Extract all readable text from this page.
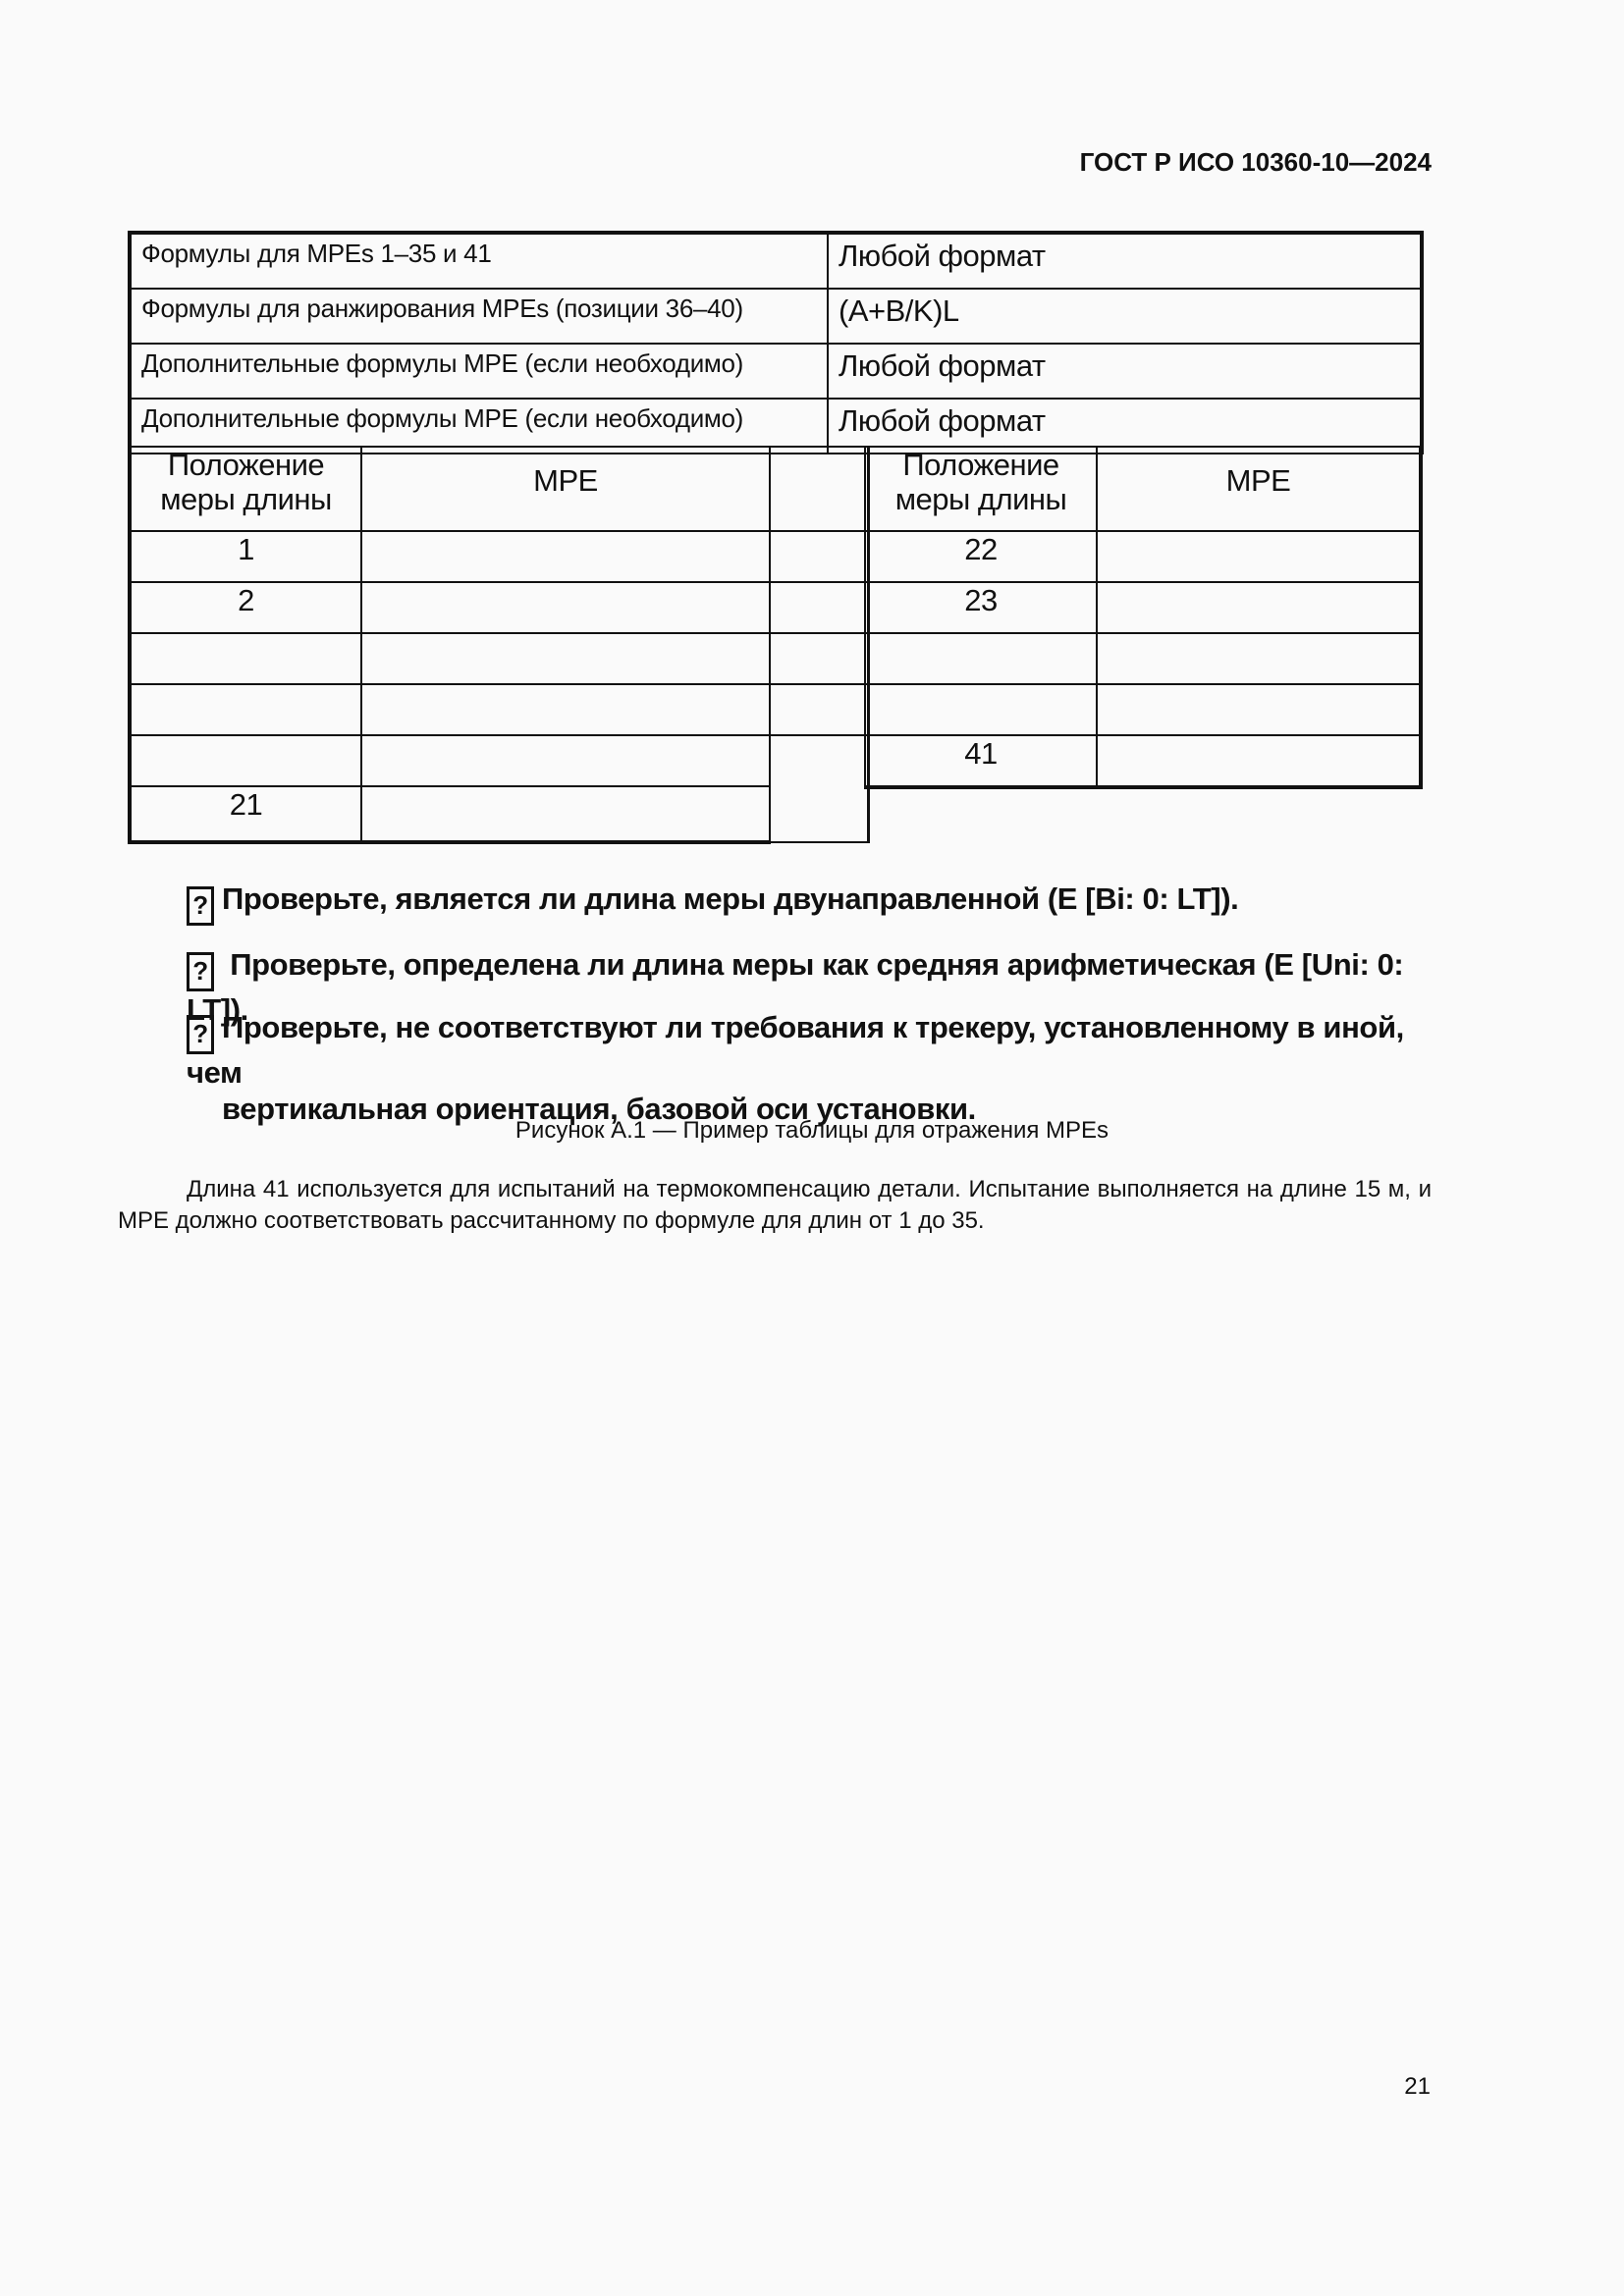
ГОСТ Р ИСО 10360-10—2024
Формулы для MPEs 1–35 и 41	Любой формат
Формулы для ранжирования MPEs (позиции 36–40)	(A+B/K)L
Дополнительные формулы MPE (если необходимо)	Любой формат
Дополнительные формулы MPE (если необходимо)	Любой формат
Положение
меры длины	MPE	
1		
2		

21		
Положение
меры длины	MPE
22	
23	

41	
? Проверьте, является ли длина меры двунаправленной (E [Bi: 0: LT]).
? Проверьте, определена ли длина меры как средняя арифметическая (E [Uni: 0: LT]).
? Проверьте, не соответствуют ли требования к трекеру, установленному в иной, чем
вертикальная ориентация, базовой оси установки.
Рисунок А.1 — Пример таблицы для отражения MPEs
Длина 41 используется для испытаний на термокомпенсацию детали. Испытание выполняется на длине 15 м, и MPE должно соответствовать рассчитанному по формуле для длин от 1 до 35.
21
